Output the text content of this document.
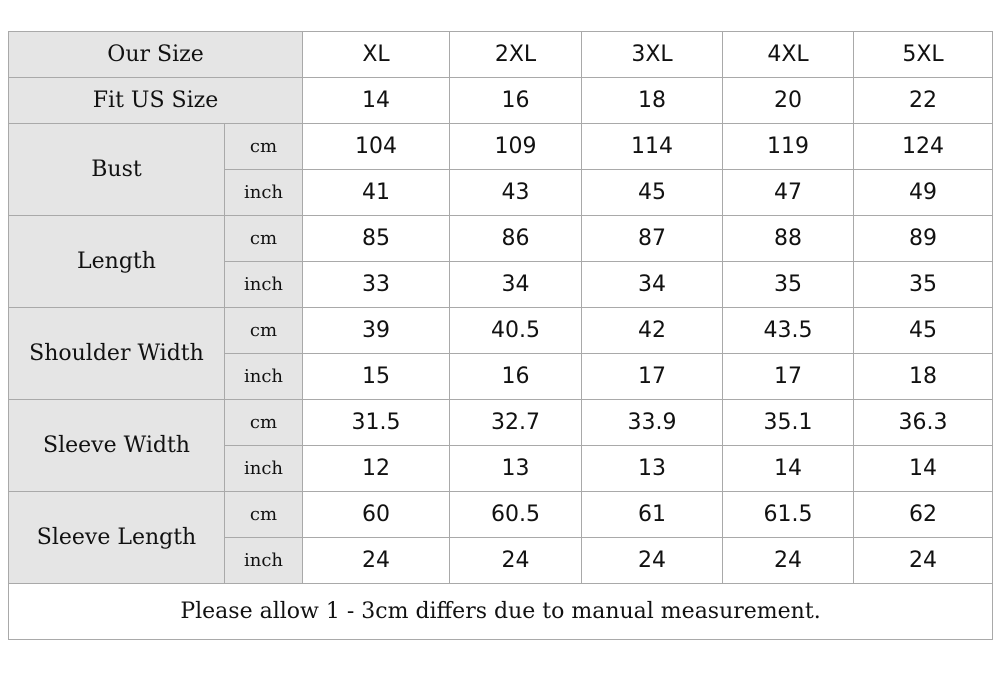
Our Size		XL	2XL	3XL	4XL	5XL
Fit US Size		14	16	18	20	22
Bust	cm	104	109	114	119	124
	inch	41	43	45	47	49
Length	cm	85	86	87	88	89
	inch	33	34	34	35	35
Shoulder Width	cm	39	40.5	42	43.5	45
	inch	15	16	17	17	18
Sleeve Width	cm	31.5	32.7	33.9	35.1	36.3
	inch	12	13	13	14	14
Sleeve Length	cm	60	60.5	61	61.5	62
	inch	24	24	24	24	24
Please allow 1 - 3cm differs due to manual measurement.						
